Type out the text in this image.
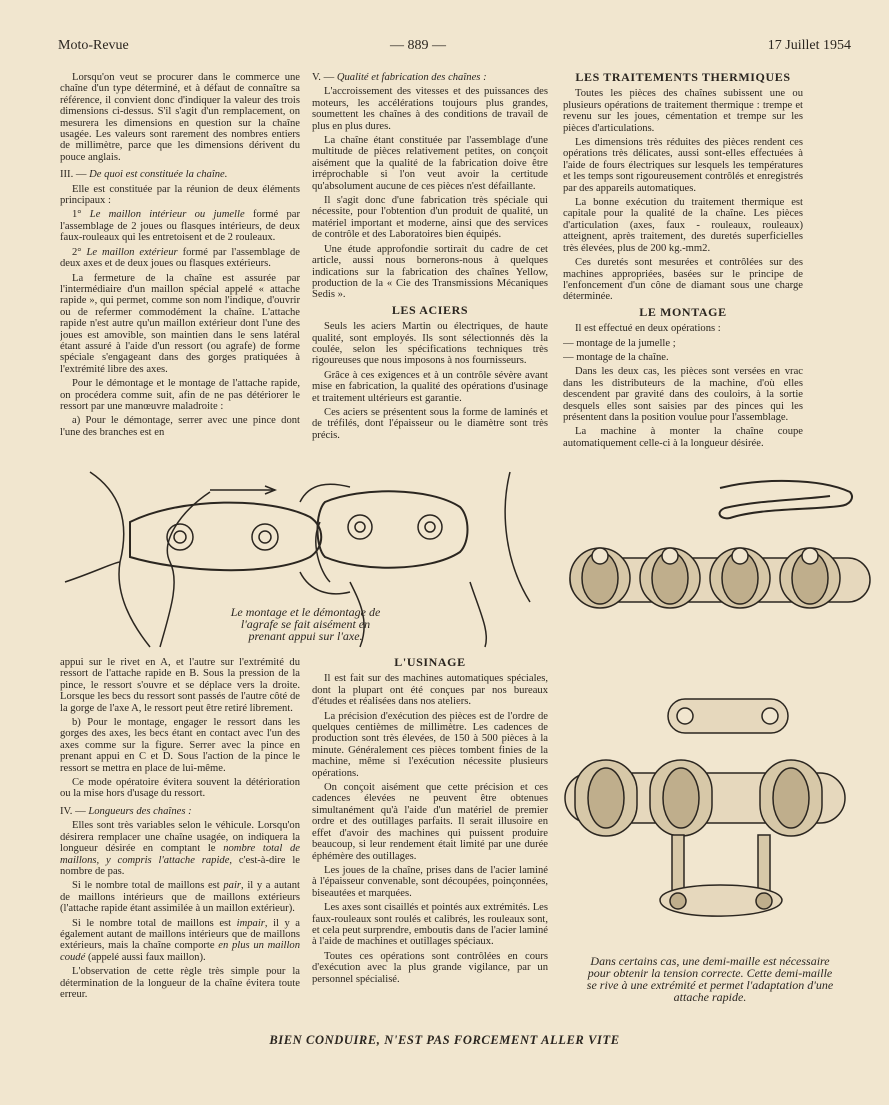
Moto-Revue	— 889 —	17 Juillet 1954

Lorsqu'on veut se procurer dans le commerce une chaîne d'un type déterminé, et à défaut de connaître sa référence, il convient donc d'indiquer la valeur des trois dimensions ci-dessus. S'il s'agit d'un remplacement, on mesurera les dimensions en question sur la chaîne usagée. Les valeurs sont rarement des nombres entiers de millimètre, parce que les dimensions dérivent du pouce anglais.

III. — De quoi est constituée la chaîne.

Elle est constituée par la réunion de deux éléments principaux :

1° Le maillon intérieur ou jumelle formé par l'assemblage de 2 joues ou flasques intérieurs, de deux faux-rouleaux qui les entretoisent et de 2 rouleaux.

2° Le maillon extérieur formé par l'assemblage de deux axes et de deux joues ou flasques extérieurs.

La fermeture de la chaîne est assurée par l'intermédiaire d'un maillon spécial appelé « attache rapide », qui permet, comme son nom l'indique, d'ouvrir ou de refermer commodément la chaîne. L'attache rapide n'est autre qu'un maillon extérieur dont l'une des joues est amovible, son maintien dans le sens latéral étant assuré à l'aide d'un ressort (ou agrafe) de forme spéciale s'engageant dans des gorges pratiquées à l'extrémité libre des axes.

Pour le démontage et le montage de l'attache rapide, on procédera comme suit, afin de ne pas détériorer le ressort par une manœuvre maladroite :

a) Pour le démontage, serrer avec une pince dont l'une des branches est en

V. — Qualité et fabrication des chaînes :

L'accroissement des vitesses et des puissances des moteurs, les accélérations toujours plus grandes, soumettent les chaînes à des conditions de travail de plus en plus dures.

La chaîne étant constituée par l'assemblage d'une multitude de pièces relativement petites, on conçoit aisément que la qualité de la fabrication doive être irréprochable si l'on veut avoir la certitude qu'absolument aucune de ces pièces n'est défaillante.

Il s'agit donc d'une fabrication très spéciale qui nécessite, pour l'obtention d'un produit de qualité, un matériel important et moderne, ainsi que des services de contrôle et des Laboratoires bien équipés.

Une étude approfondie sortirait du cadre de cet article, aussi nous bornerons-nous à quelques indications sur la fabrication des chaînes Yellow, production de la « Cie des Transmissions Mécaniques Sedis ».

LES ACIERS

Seuls les aciers Martin ou électriques, de haute qualité, sont employés. Ils sont sélectionnés dès la coulée, selon les spécifications techniques très rigoureuses que nous imposons à nos fournisseurs.

Grâce à ces exigences et à un contrôle sévère avant mise en fabrication, la qualité des opérations d'usinage et traitement ultérieurs est garantie.

Ces aciers se présentent sous la forme de laminés et de tréfilés, dont l'épaisseur ou le diamètre sont très précis.

LES TRAITEMENTS THERMIQUES

Toutes les pièces des chaînes subissent une ou plusieurs opérations de traitement thermique : trempe et revenu sur les joues, cémentation et trempe sur les pièces d'articulations.

Les dimensions très réduites des pièces rendent ces opérations très délicates, aussi sont-elles effectuées à l'aide de fours électriques sur lesquels les températures et les temps sont rigoureusement contrôlés et enregistrés par des appareils automatiques.

La bonne exécution du traitement thermique est capitale pour la qualité de la chaîne. Les pièces d'articulation (axes, faux - rouleaux, rouleaux) atteignent, après traitement, des duretés superficielles très élevées, plus de 200 kg.-mm2.

Ces duretés sont mesurées et contrôlées sur des machines appropriées, basées sur le principe de l'enfoncement d'un cône de diamant sous une charge déterminée.

LE MONTAGE

Il est effectué en deux opérations :

— montage de la jumelle ;

— montage de la chaîne.

Dans les deux cas, les pièces sont versées en vrac dans les distributeurs de la machine, d'où elles descendent par gravité dans des couloirs, à la sortie desquels elles sont saisies par des pinces qui les présentent dans la position voulue pour l'assemblage.

La machine à monter la chaîne coupe automatiquement celle-ci à la longueur désirée.

Le montage et le démontage de l'agrafe se fait aisément en prenant appui sur l'axe.

appui sur le rivet en A, et l'autre sur l'extrémité du ressort de l'attache rapide en B. Sous la pression de la pince, le ressort s'ouvre et se déplace vers la droite. Lorsque les becs du ressort sont passés de l'autre côté de la gorge de l'axe A, le ressort peut être retiré librement.

b) Pour le montage, engager le ressort dans les gorges des axes, les becs étant en contact avec l'un des axes comme sur la figure. Serrer avec la pince en prenant appui en C et D. Sous l'action de la pince le ressort se mettra en place de lui-même.

Ce mode opératoire évitera souvent la détérioration ou la mise hors d'usage du ressort.

IV. — Longueurs des chaînes :

Elles sont très variables selon le véhicule. Lorsqu'on désirera remplacer une chaîne usagée, on indiquera la longueur désirée en comptant le nombre total de maillons, y compris l'attache rapide, c'est-à-dire le nombre de pas.

Si le nombre total de maillons est pair, il y a autant de maillons intérieurs que de maillons extérieurs (l'attache rapide étant assimilée à un maillon extérieur).

Si le nombre total de maillons est impair, il y a également autant de maillons intérieurs que de maillons extérieurs, mais la chaîne comporte en plus un maillon coudé (appelé aussi faux maillon).

L'observation de cette règle très simple pour la détermination de la longueur de la chaîne évitera toute erreur.

L'USINAGE

Il est fait sur des machines automatiques spéciales, dont la plupart ont été conçues par nos bureaux d'études et réalisées dans nos ateliers.

La précision d'exécution des pièces est de l'ordre de quelques centièmes de millimètre. Les cadences de production sont très élevées, de 150 à 500 pièces à la minute. Généralement ces pièces tombent finies de la machine, même si l'exécution nécessite plusieurs opérations.

On conçoit aisément que cette précision et ces cadences élevées ne peuvent être obtenues simultanément qu'à l'aide d'un matériel de premier ordre et des outillages parfaits. Il serait illusoire en effet d'avoir des machines qui puissent produire beaucoup, si leur rendement était limité par une durée éphémère des outillages.

Les joues de la chaîne, prises dans de l'acier laminé à l'épaisseur convenable, sont découpées, poinçonnées, biseautées et marquées.

Les axes sont cisaillés et pointés aux extrémités. Les faux-rouleaux sont roulés et calibrés, les rouleaux sont, et cela peut surprendre, emboutis dans de l'acier laminé à l'aide de machines et outillages spéciaux.

Toutes ces opérations sont contrôlées en cours d'exécution avec la plus grande vigilance, par un personnel spécialisé.

Dans certains cas, une demi-maille est nécessaire pour obtenir la tension correcte. Cette demi-maille se rive à une extrémité et permet l'adaptation d'une attache rapide.
BIEN CONDUIRE, N'EST PAS FORCEMENT ALLER VITE
